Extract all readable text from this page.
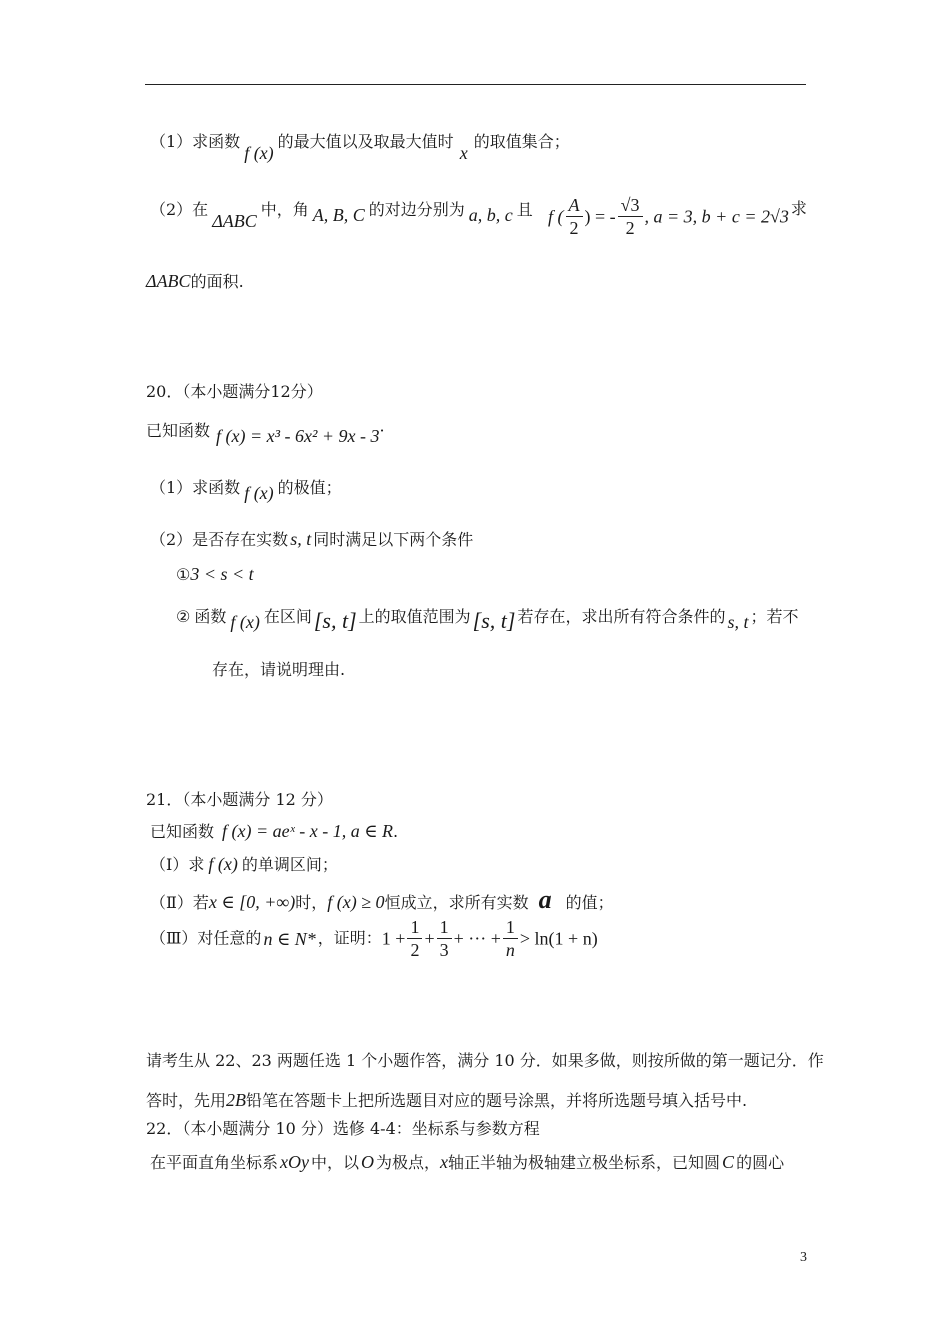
（1）求函数f (x)的最大值以及取最大值时x的取值集合；
（2）在ΔABC中，角 A, B, C 的对边分别为 a, b, c 且 f ( $\frac{A}{2}$ ) = - $\frac{√3}{2}$ , a = 3, b + c = 2√3 求
ΔABC的面积.
20．（本小题满分12分）
已知函数 f (x) = x³ - 6x² + 9x - 3·
（1）求函数 f (x) 的极值；
（2）是否存在实数 s, t 同时满足以下两个条件
①3 < s < t
② 函数 f (x) 在区间[s, t] 上的取值范围为[s, t] 若存在，求出所有符合条件的 s, t ；若不
存在，请说明理由.
21．（本小题满分 12 分）
已知函数 f (x) = aeˣ - x - 1, a ∈ R.
（Ⅰ）求 f (x) 的单调区间；
（Ⅱ）若x ∈ [0, +∞)时，f (x) ≥ 0恒成立，求所有实数 a 的值；
（Ⅲ）对任意的 n ∈ N* ，证明：$1 + \frac{1}{2} + \frac{1}{3}$ + ··· + $\frac{1}{n} > \ln(1 + n)$
请考生从 22、23 两题任选 1 个小题作答，满分 10 分．如果多做，则按所做的第一题记分．作
答时，先用2B铅笔在答题卡上把所选题目对应的题号涂黑，并将所选题号填入括号中.
22．（本小题满分 10 分）选修 4-4：坐标系与参数方程
在平面直角坐标系 xOy 中，以 O 为极点，x轴正半轴为极轴建立极坐标系，已知圆 C 的圆心
3
